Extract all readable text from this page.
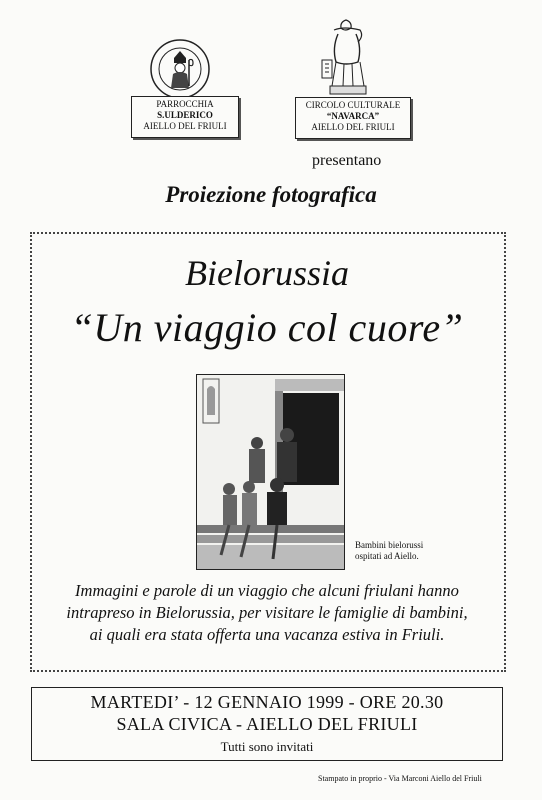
PARROCCHIA
S.ULDERICO
AIELLO DEL FRIULI
CIRCOLO CULTURALE
“NAVARCA”
AIELLO DEL FRIULI
presentano
Proiezione fotografica
Bielorussia
“Un viaggio col cuore”
Bambini bielorussi
ospitati ad Aiello.
Immagini e parole di un viaggio che alcuni friulani hanno
intrapreso in Bielorussia, per visitare le famiglie di bambini,
ai quali era stata offerta una vacanza estiva in Friuli.
MARTEDI’ - 12 GENNAIO 1999 - ORE 20.30
SALA CIVICA - AIELLO DEL FRIULI
Tutti sono invitati
Stampato in proprio - Via Marconi Aiello del Friuli
